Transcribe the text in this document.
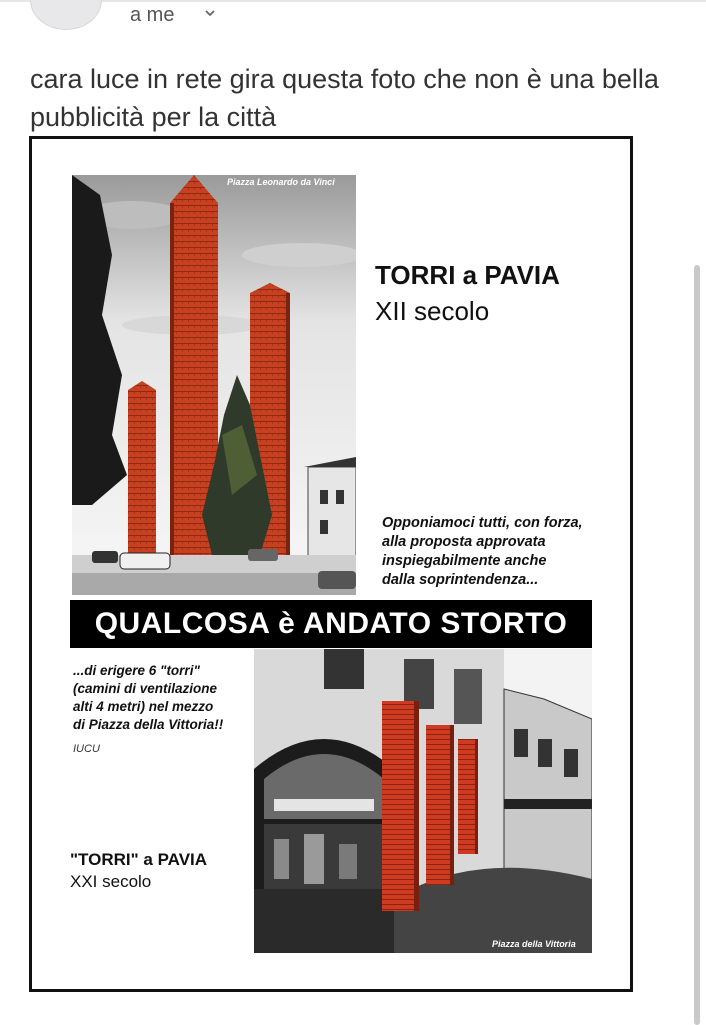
a me

cara luce in rete gira questa foto che non è una bella pubblicità per la città

Piazza Leonardo da Vinci
TORRI a PAVIA
XII secolo

Opponiamoci tutti, con forza,
alla proposta approvata
inspiegabilmente anche
dalla soprintendenza...

QUALCOSA è ANDATO STORTO

...di erigere 6 "torri"
(camini di ventilazione
alti 4 metri) nel mezzo
di Piazza della Vittoria!!

IUCU
"TORRI" a PAVIA
XXI secolo
Piazza della Vittoria
